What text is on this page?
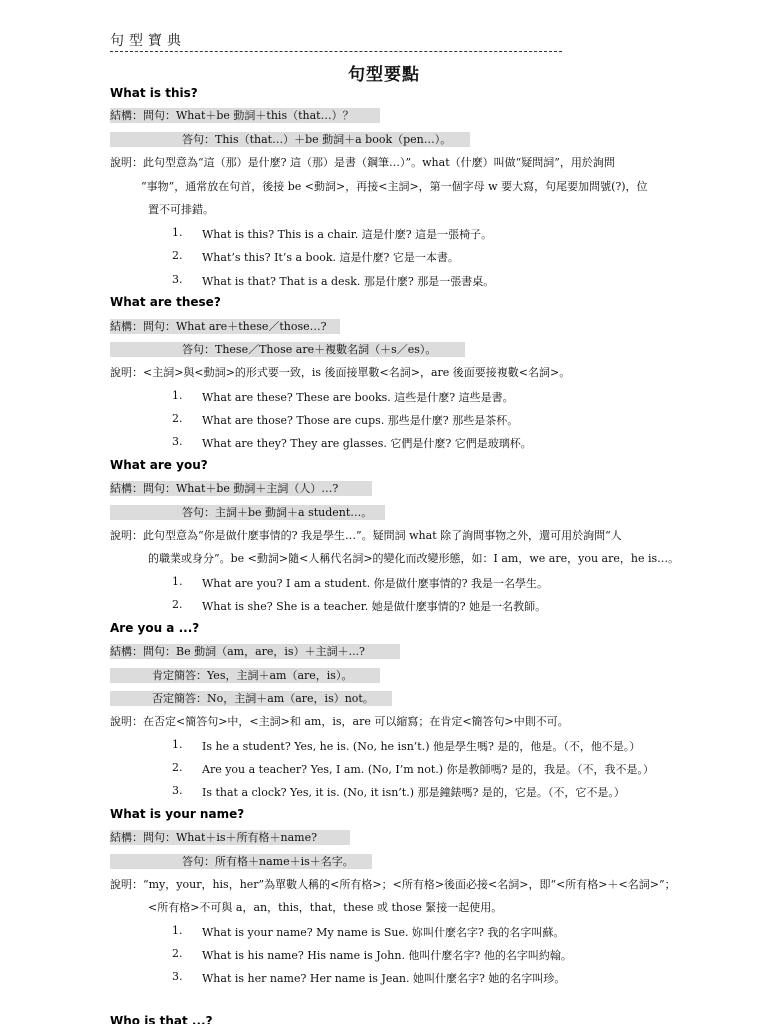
句型寶典
句型要點
What is this?
結構：問句：What＋be 動詞＋this（that…）？
答句：This（that…）＋be 動詞＋a book（pen…）。
說明：此句型意為“這（那）是什麼? 這（那）是書（鋼筆…）”。what（什麼）叫做“疑問詞”，用於詢問
“事物”，通常放在句首，後接 be <動詞>，再接<主詞>，第一個字母 w 要大寫，句尾要加問號(?)，位
置不可排錯。
1. What is this? This is a chair. 這是什麼? 這是一張椅子。
2. What’s this? It’s a book. 這是什麼? 它是一本書。
3. What is that? That is a desk. 那是什麼? 那是一張書桌。
What are these?
結構：問句：What are＋these／those…?
答句：These／Those are＋複數名詞（＋s／es）。
說明：<主詞>與<動詞>的形式要一致，is 後面接單數<名詞>，are 後面要接複數<名詞>。
1. What are these? These are books. 這些是什麼? 這些是書。
2. What are those? Those are cups. 那些是什麼? 那些是茶杯。
3. What are they? They are glasses. 它們是什麼? 它們是玻璃杯。
What are you?
結構：問句：What＋be 動詞＋主詞（人）…?
答句：主詞＋be 動詞＋a student…。
說明：此句型意為“你是做什麼事情的? 我是學生…”。疑問詞 what 除了詢問事物之外，還可用於詢問“人
的職業或身分”。be <動詞>隨<人稱代名詞>的變化而改變形態，如：I am，we are，you are，he is…。
1. What are you? I am a student. 你是做什麼事情的? 我是一名學生。
2. What is she? She is a teacher. 她是做什麼事情的? 她是一名教師。
Are you a ...?
結構：問句：Be 動詞（am，are，is）＋主詞＋...?
肯定簡答：Yes，主詞＋am（are，is）。
否定簡答：No，主詞＋am（are，is）not。
說明：在否定<簡答句>中，<主詞>和 am，is，are 可以縮寫；在肯定<簡答句>中則不可。
1. Is he a student? Yes, he is. (No, he isn’t.) 他是學生嗎? 是的，他是。（不，他不是。）
2. Are you a teacher? Yes, I am. (No, I’m not.) 你是教師嗎? 是的，我是。（不，我不是。）
3. Is that a clock? Yes, it is. (No, it isn’t.) 那是鐘錶嗎? 是的，它是。（不，它不是。）
What is your name?
結構：問句：What＋is＋所有格＋name?
答句：所有格＋name＋is＋名字。
說明：“my，your，his，her”為單數人稱的<所有格>；<所有格>後面必接<名詞>，即“<所有格>＋<名詞>”；
<所有格>不可與 a，an，this，that，these 或 those 緊接一起使用。
1. What is your name? My name is Sue. 妳叫什麼名字? 我的名字叫蘇。
2. What is his name? His name is John. 他叫什麼名字? 他的名字叫約翰。
3. What is her name? Her name is Jean. 她叫什麼名字? 她的名字叫珍。
Who is that ...?
